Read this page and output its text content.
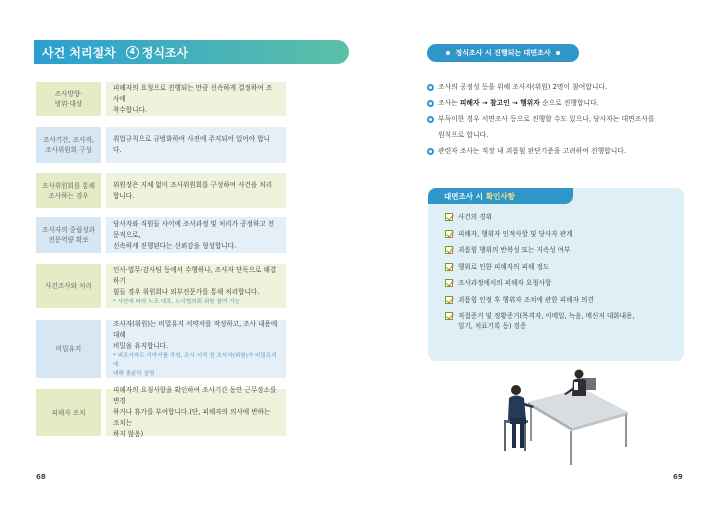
사건 처리절차	4 정식조사
조사방향·
범위·대상
피해자의 요청으로 진행되는 만큼 신속하게 결정하여 조사에
착수합니다.
조사기간, 조사자,
조사위원회 구성
취업규칙으로 규범화하여 사전에 주지되어 있어야 합니다.
조사위원회를 통해
조사하는 경우
위원장은 지체 없이 조사위원회를 구성하여 사건을 처리합니다.
조사자의 중립성과
전문역량 확보
당사자와 직원들 사이에 조사과정 및 처리가 공정하고 전문적으로,
신속하게 진행된다는 신뢰감을 형성합니다.
사건조사와 처리
인사·법무·감사팀 등에서 수행하나, 조사자 단독으로 해결하기
힘들 경우 위원회나 외부전문가를 통해 처리합니다.
* 사안에 따라 노조 대표, 노사협의회 위원 참여 가능
비밀유지
조사자(위원)는 비밀유지 서약서를 작성하고, 조사 내용에 대해
비밀을 유지합니다.
* 피조사자도 서약서를 작성, 조사 시작 전 조사자(위원)가 비밀유지에
대해 충분히 설명
피해자 조치
피해자의 요청사항을 확인하여 조사기간 동안 근무장소를 변경
하거나 휴가를 부여합니다.(단, 피해자의 의사에 반하는 조치는
하지 않음)
68
정식조사 시 진행되는 대면조사
조사의 공정성 등을 위해 조사자(위원) 2명이 참여합니다.
조사는 피해자 → 참고인 → 행위자 순으로 진행합니다.
부득이한 경우 서면조사 등으로 진행할 수도 있으나, 당사자는 대면조사를
원칙으로 합니다.
관련자 조사는 직장 내 괴롭힘 판단기준을 고려하여 진행합니다.
대면조사 시 확인사항
사건의 경위
피해자, 행위자 인적사항 및 당사자 관계
괴롭힘 행위의 반복성 또는 지속성 여부
행위로 인한 피해자의 피해 정도
조사과정에서의 피해자 요청사항
괴롭힘 인정 후 행위자 조치에 관한 피해자 의견
직접증거 및 정황증거(목격자, 이메일, 녹음, 메신저 대화내용,
일기, 치료기록 등) 검증
69
